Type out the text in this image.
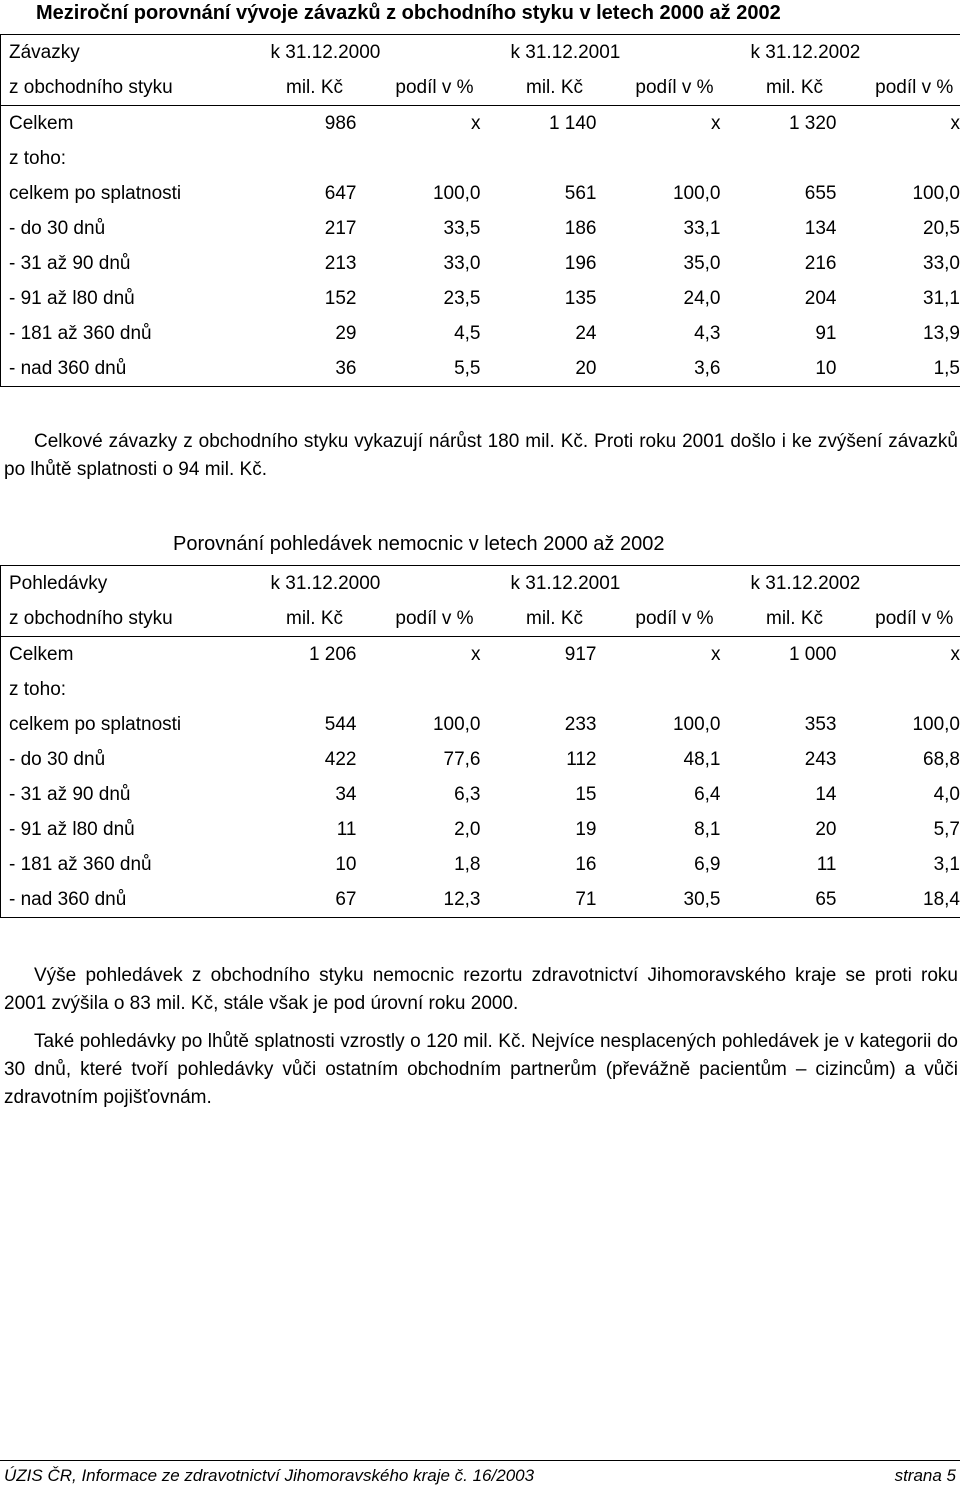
Meziroční porovnání vývoje závazků z obchodního styku v letech 2000 až 2002
Závazky	k 31.12.2000		k 31.12.2001		k 31.12.2002	
z obchodního styku	mil. Kč	podíl v %	mil. Kč	podíl v %	mil. Kč	podíl v %
Celkem	986	x	1 140	x	1 320	x
z toho:						
celkem po splatnosti	647	100,0	561	100,0	655	100,0
- do 30 dnů	217	33,5	186	33,1	134	20,5
- 31 až 90 dnů	213	33,0	196	35,0	216	33,0
- 91 až l80 dnů	152	23,5	135	24,0	204	31,1
- 181 až 360 dnů	29	4,5	24	4,3	91	13,9
- nad 360 dnů	36	5,5	20	3,6	10	1,5
Celkové závazky z obchodního styku vykazují nárůst 180 mil. Kč. Proti roku 2001 došlo i ke zvýšení závazků po lhůtě splatnosti o 94 mil. Kč.
Porovnání pohledávek nemocnic v letech 2000 až 2002
Pohledávky	k 31.12.2000		k 31.12.2001		k 31.12.2002	
z obchodního styku	mil. Kč	podíl v %	mil. Kč	podíl v %	mil. Kč	podíl v %
Celkem	1 206	x	917	x	1 000	x
z toho:						
celkem po splatnosti	544	100,0	233	100,0	353	100,0
- do 30 dnů	422	77,6	112	48,1	243	68,8
- 31 až 90 dnů	34	6,3	15	6,4	14	4,0
- 91 až l80 dnů	11	2,0	19	8,1	20	5,7
- 181 až 360 dnů	10	1,8	16	6,9	11	3,1
- nad 360 dnů	67	12,3	71	30,5	65	18,4
Výše pohledávek z obchodního styku nemocnic rezortu zdravotnictví Jihomoravského kraje se proti roku 2001 zvýšila o 83 mil. Kč, stále však je pod úrovní roku 2000.
Také pohledávky po lhůtě splatnosti vzrostly o 120 mil. Kč. Nejvíce nesplacených pohledávek je v kategorii do 30 dnů, které tvoří pohledávky vůči ostatním obchodním partnerům (převážně pacientům – cizincům) a vůči zdravotním pojišťovnám.
ÚZIS ČR, Informace ze zdravotnictví Jihomoravského kraje č. 16/2003	strana 5
